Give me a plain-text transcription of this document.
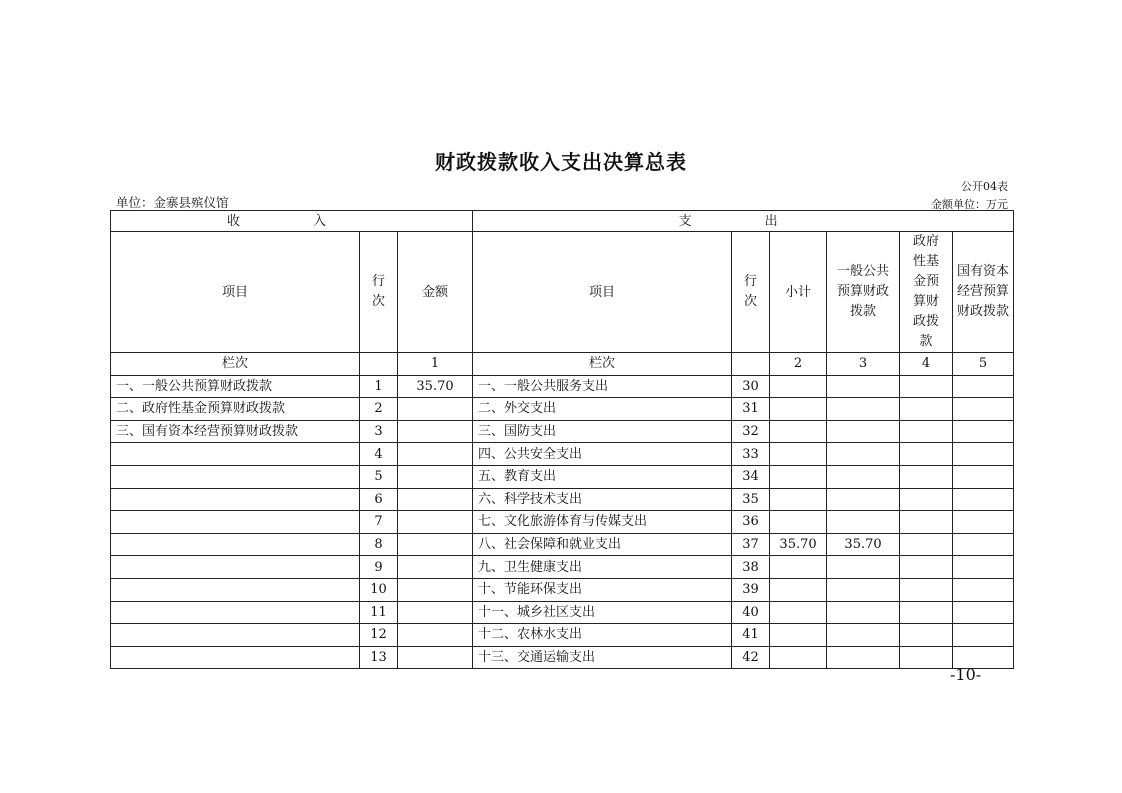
财政拨款收入支出决算总表
公开04表
单位：金寨县殡仪馆	金额单位：万元
收　入			支　出					
项目	行次	金额	项目	行次	小计	一般公共预算财政拨款	政府性基金预算财政拨款	国有资本经营预算财政拨款
栏次		1	栏次		2	3	4	5
一、一般公共预算财政拨款	1	35.70	一、一般公共服务支出	30				
二、政府性基金预算财政拨款	2		二、外交支出	31				
三、国有资本经营预算财政拨款	3		三、国防支出	32				
	4		四、公共安全支出	33				
	5		五、教育支出	34				
	6		六、科学技术支出	35				
	7		七、文化旅游体育与传媒支出	36				
	8		八、社会保障和就业支出	37	35.70	35.70		
	9		九、卫生健康支出	38				
	10		十、节能环保支出	39				
	11		十一、城乡社区支出	40				
	12		十二、农林水支出	41				
	13		十三、交通运输支出	42				
-10-
